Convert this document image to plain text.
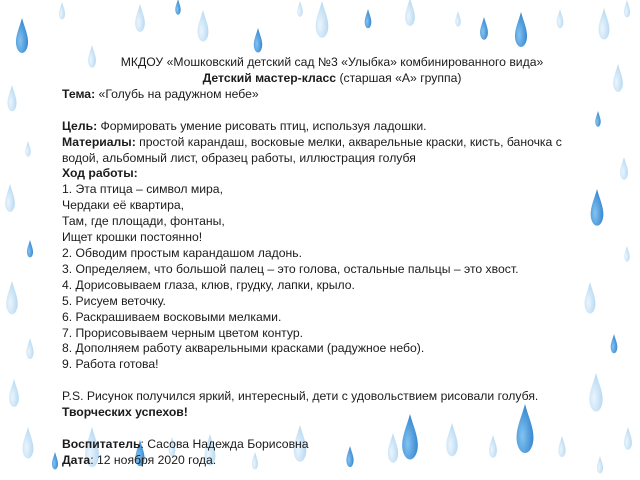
МКДОУ «Мошковский детский сад №3 «Улыбка» комбинированного вида»

Детский мастер-класс (старшая «А» группа)

Тема: «Голубь на радужном небе»

Цель: Формировать умение рисовать птиц, используя ладошки.

Материалы: простой карандаш, восковые мелки, акварельные краски, кисть, баночка с водой, альбомный лист, образец работы, иллюстрация голубя

Ход работы:

1. Эта птица – символ мира,

Чердаки её квартира,

Там, где площади, фонтаны,

Ищет крошки постоянно!

2. Обводим простым карандашом ладонь.

3. Определяем, что большой палец – это голова, остальные пальцы – это хвост.

4. Дорисовываем глаза, клюв, грудку, лапки, крыло.

5. Рисуем веточку.

6. Раскрашиваем восковыми мелками.

7. Прорисовываем черным цветом контур.

8. Дополняем работу акварельными красками (радужное небо).

9. Работа готова!

P.S. Рисунок получился яркий, интересный, дети с удовольствием рисовали голубя.

Творческих успехов!

Воспитатель: Сасова Надежда Борисовна

Дата: 12 ноября 2020 года.
